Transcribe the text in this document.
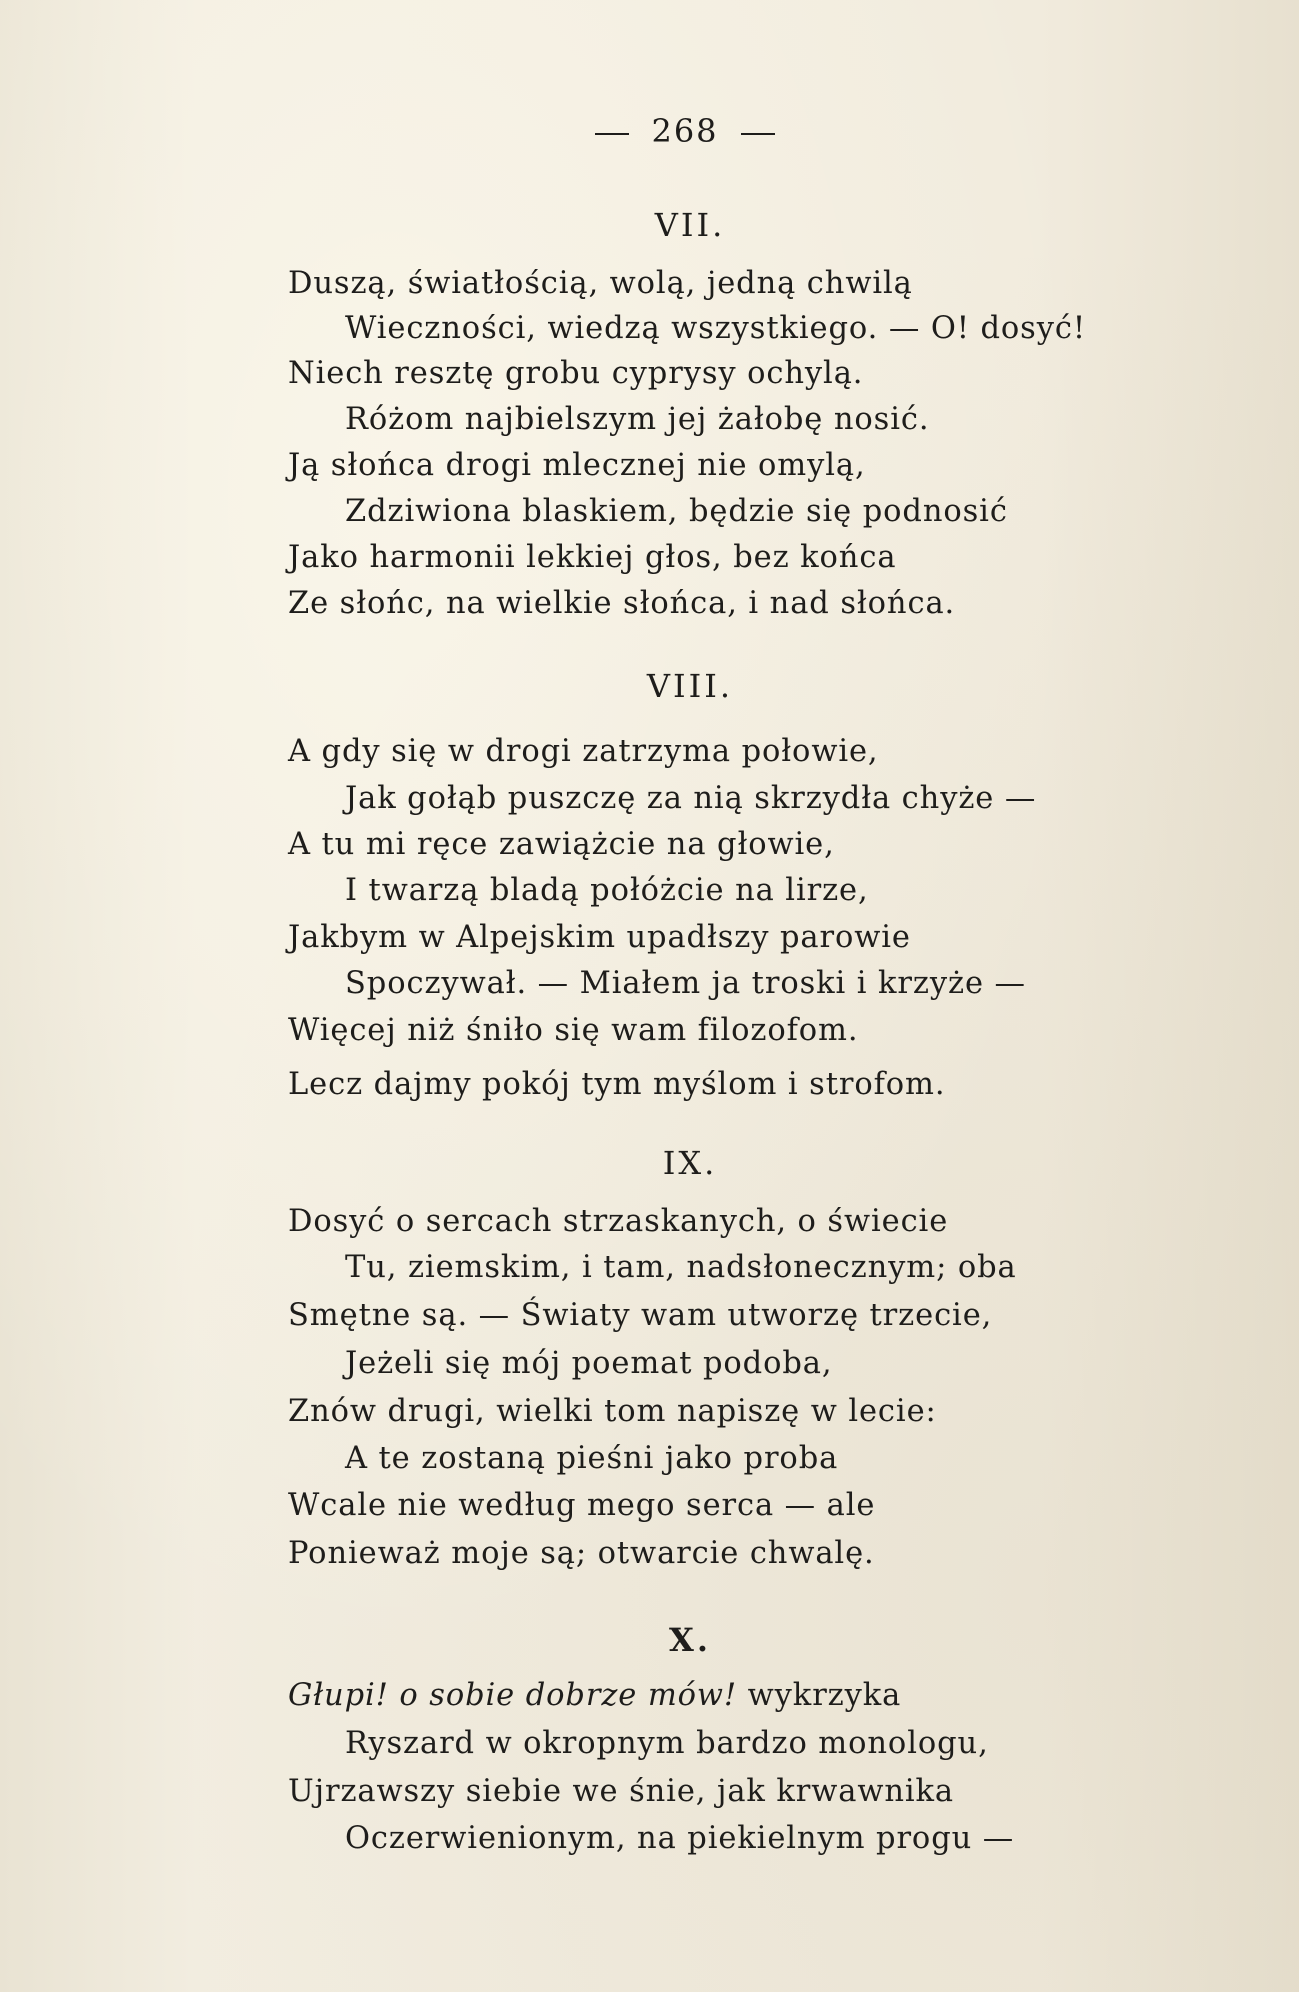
268
VII.
Duszą, światłością, wolą, jedną chwilą
Wieczności, wiedzą wszystkiego. — O! dosyć!
Niech resztę grobu cyprysy ochylą.
Różom najbielszym jej żałobę nosić.
Ją słońca drogi mlecznej nie omylą,
Zdziwiona blaskiem, będzie się podnosić
Jako harmonii lekkiej głos, bez końca
Ze słońc, na wielkie słońca, i nad słońca.
VIII.
A gdy się w drogi zatrzyma połowie,
Jak gołąb puszczę za nią skrzydła chyże —
A tu mi ręce zawiążcie na głowie,
I twarzą bladą połóżcie na lirze,
Jakbym w Alpejskim upadłszy parowie
Spoczywał. — Miałem ja troski i krzyże —
Więcej niż śniło się wam filozofom.
Lecz dajmy pokój tym myślom i strofom.
IX.
Dosyć o sercach strzaskanych, o świecie
Tu, ziemskim, i tam, nadsłonecznym; oba
Smętne są. — Światy wam utworzę trzecie,
Jeżeli się mój poemat podoba,
Znów drugi, wielki tom napiszę w lecie:
A te zostaną pieśni jako proba
Wcale nie według mego serca — ale
Ponieważ moje są; otwarcie chwalę.
X.
Głupi! o sobie dobrze mów! wykrzyka
Ryszard w okropnym bardzo monologu,
Ujrzawszy siebie we śnie, jak krwawnika
Oczerwienionym, na piekielnym progu —
